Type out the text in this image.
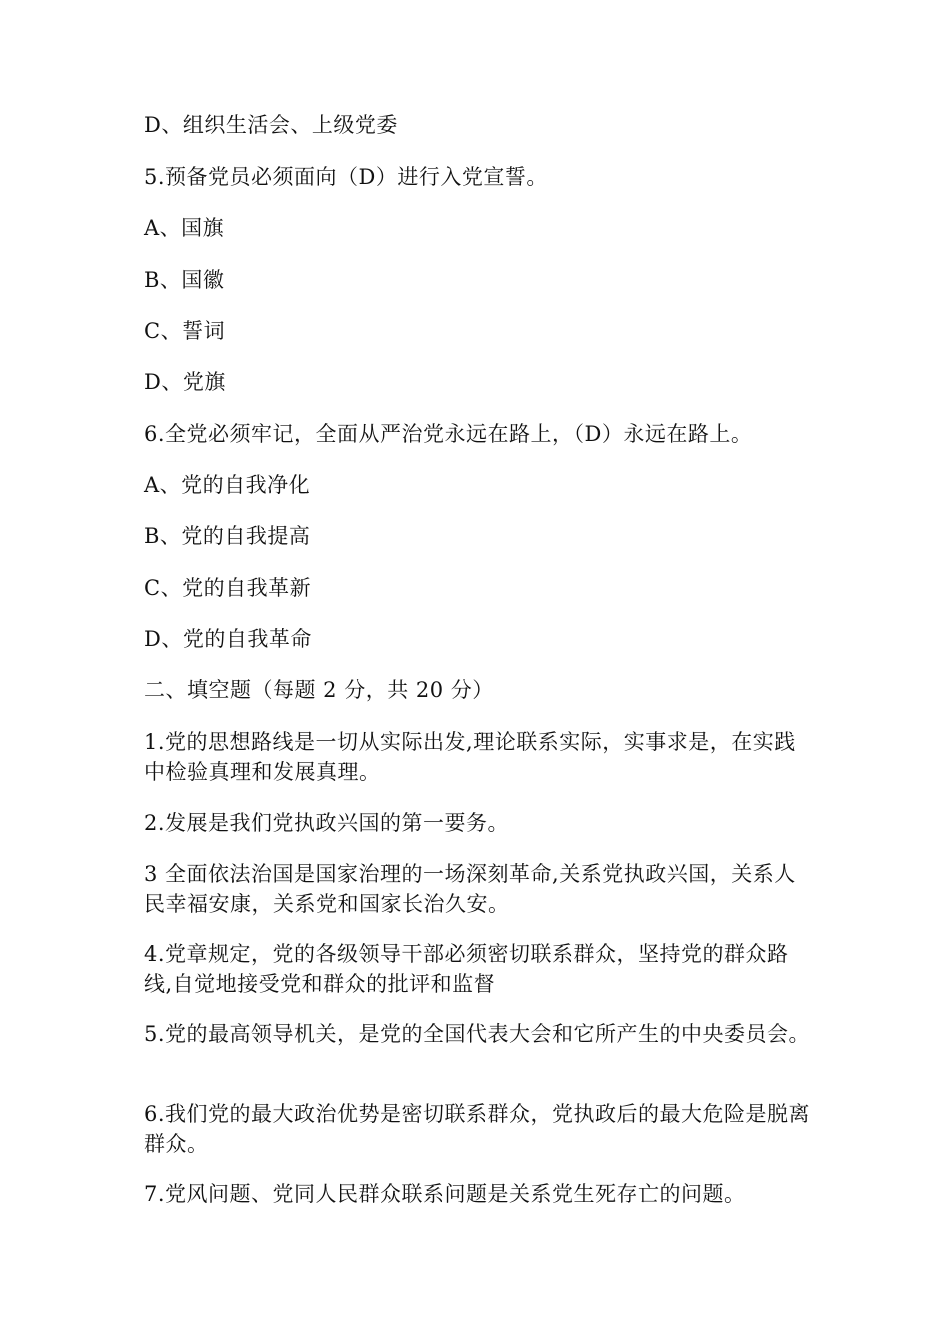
D、组织生活会、上级党委
5.预备党员必须面向（D）进行入党宣誓。
A、国旗
B、国徽
C、誓词
D、党旗
6.全党必须牢记，全面从严治党永远在路上，（D）永远在路上。
A、党的自我净化
B、党的自我提高
C、党的自我革新
D、党的自我革命
二、填空题（每题 2 分，共 20 分）
1.党的思想路线是一切从实际出发,理论联系实际，实事求是，在实践中检验真理和发展真理。
2.发展是我们党执政兴国的第一要务。
3 全面依法治国是国家治理的一场深刻革命,关系党执政兴国，关系人民幸福安康，关系党和国家长治久安。
4.党章规定，党的各级领导干部必须密切联系群众，坚持党的群众路线,自觉地接受党和群众的批评和监督
5.党的最高领导机关，是党的全国代表大会和它所产生的中央委员会。
6.我们党的最大政治优势是密切联系群众，党执政后的最大危险是脱离群众。
7.党风问题、党同人民群众联系问题是关系党生死存亡的问题。
